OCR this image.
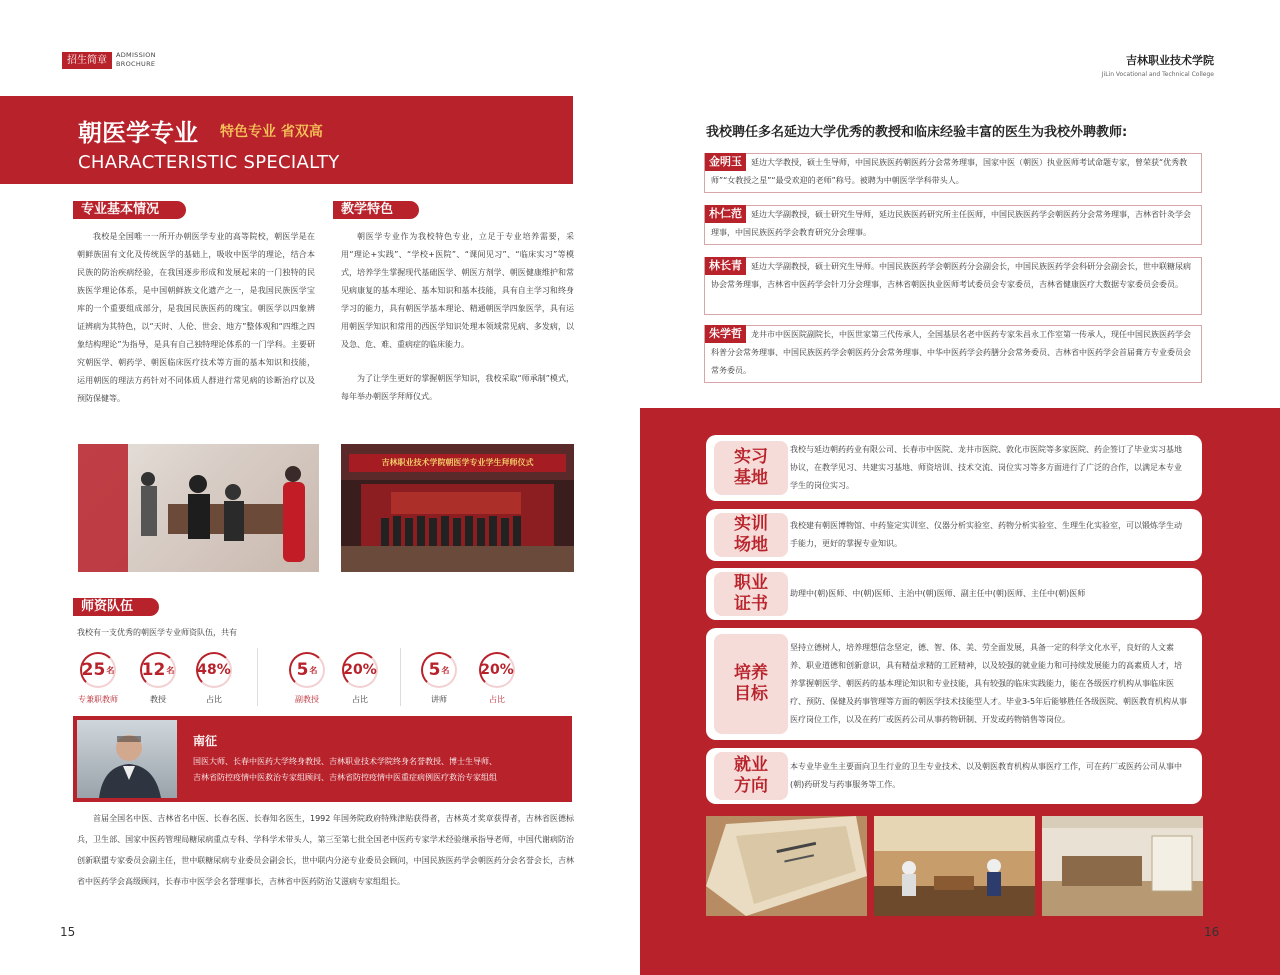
招生简章	ADMISSION
BROCHURE	吉林职业技术学院
JiLin Vocational and Technical College
朝医学专业 特色专业 省双高
CHARACTERISTIC SPECIALTY
专业基本情况
我校是全国唯一一所开办朝医学专业的高等院校，朝医学是在朝鲜族固有文化及传统医学的基础上，吸收中医学的理论，结合本民族的防治疾病经验，在我国逐步形成和发展起来的一门独特的民族医学理论体系，是中国朝鲜族文化遗产之一，是我国民族医学宝库的一个重要组成部分，是我国民族医药的瑰宝。朝医学以四象辨证辨病为其特色，以“天时、人伦、世会、地方”整体观和“四维之四象结构理论”为指导，是具有自己独特理论体系的一门学科。主要研究朝医学、朝药学、朝医临床医疗技术等方面的基本知识和技能，运用朝医的理法方药针对不同体质人群进行常见病的诊断治疗以及预防保健等。
教学特色
朝医学专业作为我校特色专业，立足于专业培养需要，采用“理论+实践”、“学校+医院”、“课间见习”、“临床实习”等模式，培养学生掌握现代基础医学、朝医方剂学、朝医健康维护和常见病康复的基本理论、基本知识和基本技能，具有自主学习和终身学习的能力，具有朝医学基本理论、精通朝医学四象医学，具有运用朝医学知识和常用的西医学知识处理本领域常见病、多发病，以及急、危、难、重病症的临床能力。
为了让学生更好的掌握朝医学知识，我校采取“师承制”模式，每年举办朝医学拜师仪式。
吉林职业技术学院朝医学专业学生拜师仪式
师资队伍
我校有一支优秀的朝医学专业师资队伍，共有
25 名
专兼职教师
12 名
教授
48%
占比
5 名
副教授
20%
占比
5 名
讲师
20%
占比
南征
国医大师、长春中医药大学终身教授、吉林职业技术学院终身名誉教授、博士生导师、
吉林省防控疫情中医救治专家组顾问、吉林省防控疫情中医重症病例医疗救治专家组组
首届全国名中医、吉林省名中医、长春名医、长春知名医生，1992 年国务院政府特殊津贴获得者，吉林英才奖章获得者，吉林省医德标兵，卫生部、国家中医药管理局糖尿病重点专科、学科学术带头人，第三至第七批全国老中医药专家学术经验继承指导老师，中国代谢病防治创新联盟专家委员会副主任，世中联糖尿病专业委员会副会长，世中联内分泌专业委员会顾问，中国民族医药学会朝医药分会名誉会长，吉林省中医药学会高级顾问，长春市中医学会名誉理事长，吉林省中医药防治艾滋病专家组组长。
15
我校聘任多名延边大学优秀的教授和临床经验丰富的医生为我校外聘教师:
金明玉	延边大学教授，硕士生导师，中国民族医药朝医药分会常务理事，国家中医（朝医）执业医师考试命题专家，曾荣获“优秀教师”“女教授之星”“最受欢迎的老师”称号。被聘为中朝医学学科带头人。
朴仁范	延边大学副教授，硕士研究生导师，延边民族医药研究所主任医师，中国民族医药学会朝医药分会常务理事，吉林省针灸学会理事，中国民族医药学会教育研究分会理事。
林长青	延边大学副教授，硕士研究生导师。中国民族医药学会朝医药分会副会长，中国民族医药学会科研分会副会长，世中联糖尿病协会常务理事，吉林省中医药学会针刀分会理事，吉林省朝医执业医师考试委员会专家委员，吉林省健康医疗大数据专家委员会委员。
朱学哲	龙井市中医医院副院长，中医世家第三代传承人，全国基层名老中医药专家朱昌永工作室第一传承人，现任中国民族医药学会科普分会常务理事、中国民族医药学会朝医药分会常务理事、中华中医药学会药膳分会常务委员、吉林省中医药学会首届膏方专业委员会常务委员。
实习
基地
我校与延边朝药药业有限公司、长春市中医院、龙井市医院、敦化市医院等多家医院、药企签订了毕业实习基地协议，在教学见习、共建实习基地、师资培训、技术交流、岗位实习等多方面进行了广泛的合作，以满足本专业学生的岗位实习。
实训
场地
我校建有朝医博物馆、中药鉴定实训室、仪器分析实验室、药物分析实验室、生理生化实验室，可以锻炼学生动手能力，更好的掌握专业知识。
职业
证书
助理中(朝)医师、中(朝)医师、主治中(朝)医师、副主任中(朝)医师、主任中(朝)医师
培养
目标
坚持立德树人，培养理想信念坚定，德、智、体、美、劳全面发展，具备一定的科学文化水平，良好的人文素养、职业道德和创新意识，具有精益求精的工匠精神，以及较强的就业能力和可持续发展能力的高素质人才，培养掌握朝医学、朝医药的基本理论知识和专业技能，具有较强的临床实践能力，能在各级医疗机构从事临床医疗、预防、保健及药事管理等方面的朝医学技术技能型人才。毕业3-5年后能够胜任各级医院、朝医教育机构从事医疗岗位工作，以及在药厂或医药公司从事药物研制、开发或药物销售等岗位。
就业
方向
本专业毕业生主要面向卫生行业的卫生专业技术、以及朝医教育机构从事医疗工作，可在药厂或医药公司从事中(朝)药研发与药事服务等工作。
16
